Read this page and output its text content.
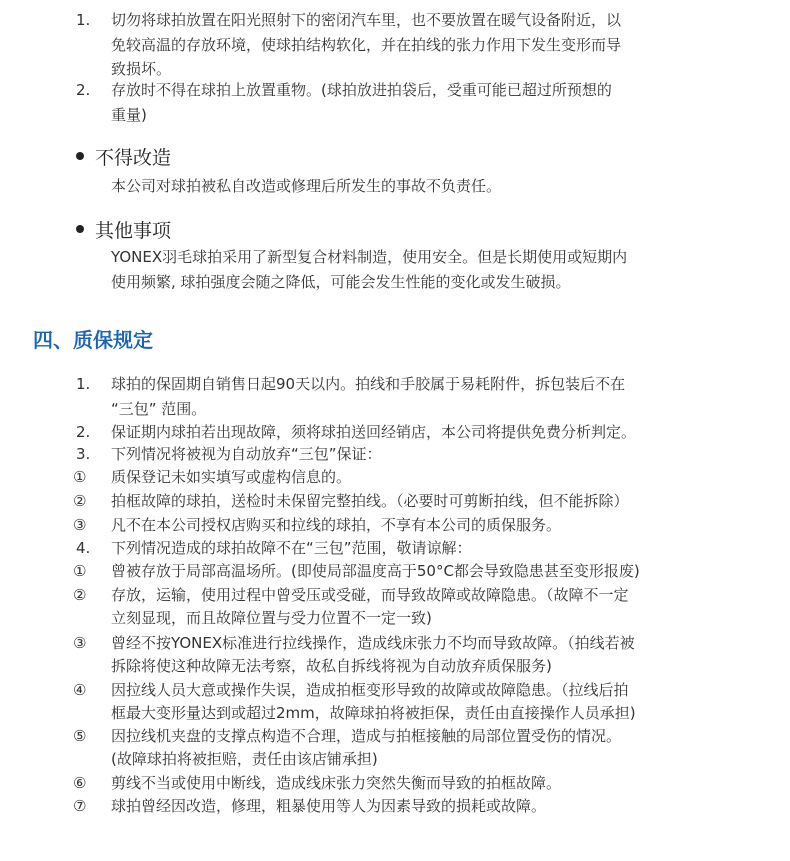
1. 切勿将球拍放置在阳光照射下的密闭汽车里，也不要放置在暖气设备附近，以
免较高温的存放环境，使球拍结构软化，并在拍线的张力作用下发生变形而导
致损坏。
2. 存放时不得在球拍上放置重物。(球拍放进拍袋后，受重可能已超过所预想的
重量)
不得改造
本公司对球拍被私自改造或修理后所发生的事故不负责任。
其他事项
YONEX羽毛球拍采用了新型复合材料制造，使用安全。但是长期使用或短期内
使用频繁, 球拍强度会随之降低，可能会发生性能的变化或发生破损。
四、质保规定
1. 球拍的保固期自销售日起90天以内。拍线和手胶属于易耗附件，拆包装后不在
“三包” 范围。
2. 保证期内球拍若出现故障，须将球拍送回经销店，本公司将提供免费分析判定。
3. 下列情况将被视为自动放弃“三包”保证：
① 质保登记未如实填写或虚构信息的。
② 拍框故障的球拍，送检时未保留完整拍线。（必要时可剪断拍线，但不能拆除）
③ 凡不在本公司授权店购买和拉线的球拍，不享有本公司的质保服务。
4. 下列情况造成的球拍故障不在“三包”范围，敬请谅解：
① 曾被存放于局部高温场所。(即使局部温度高于50°C都会导致隐患甚至变形报废)
② 存放，运输，使用过程中曾受压或受碰，而导致故障或故障隐患。（故障不一定
立刻显现，而且故障位置与受力位置不一定一致)
③ 曾经不按YONEX标准进行拉线操作，造成线床张力不均而导致故障。（拍线若被
拆除将使这种故障无法考察，故私自拆线将视为自动放弃质保服务)
④ 因拉线人员大意或操作失误，造成拍框变形导致的故障或故障隐患。（拉线后拍
框最大变形量达到或超过2mm，故障球拍将被拒保，责任由直接操作人员承担)
⑤ 因拉线机夹盘的支撑点构造不合理，造成与拍框接触的局部位置受伤的情况。
(故障球拍将被拒赔，责任由该店铺承担)
⑥ 剪线不当或使用中断线，造成线床张力突然失衡而导致的拍框故障。
⑦ 球拍曾经因改造，修理，粗暴使用等人为因素导致的损耗或故障。
